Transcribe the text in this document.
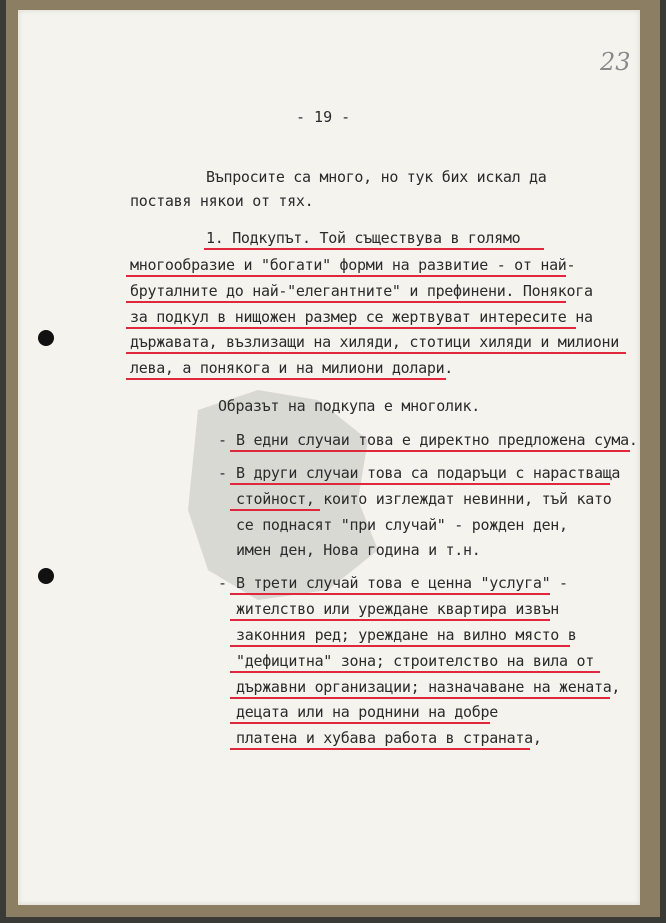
23
- 19 -
Въпросите са много, но тук бих искал да
поставя някои от тях.
1. Подкупът. Той съществува в голямо
многообразие и "богати" форми на развитие - от най-
бруталните до най-"елегантните" и префинени. Понякога
за подкул в нищожен размер се жертвуват интересите на
държавата, възлизащи на хиляди, стотици хиляди и милиони
лева, а понякога и на милиони долари.
Образът на подкупа е многолик.
- В едни случаи това е директно предложена сума.
- В други случаи това са подаръци с нарастваща
стойност, които изглеждат невинни, тъй като
се поднасят "при случай" - рожден ден,
имен ден, Нова година и т.н.
- В трети случай това е ценна "услуга" -
жителство или уреждане квартира извън
законния ред; уреждане на вилно място в
"дефицитна" зона; строителство на вила от
държавни организации; назначаване на жената,
децата или на роднини на добре
платена и хубава работа в страната,
